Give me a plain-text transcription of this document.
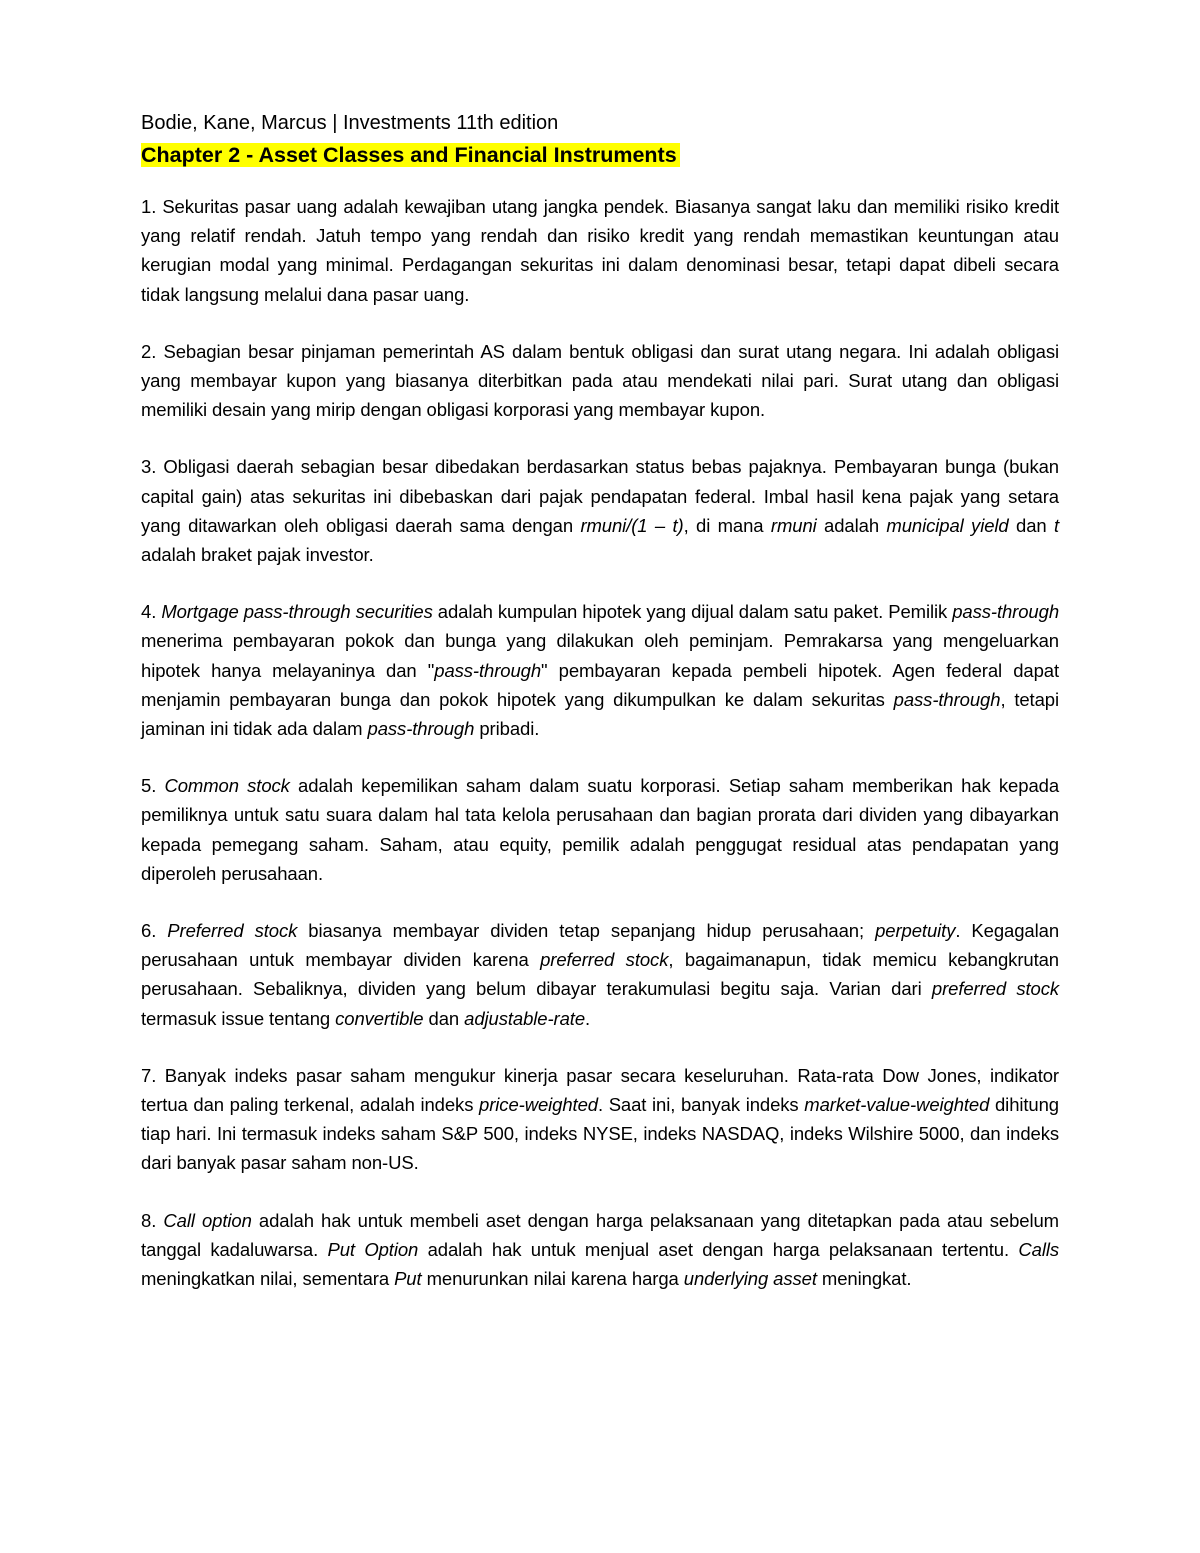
Bodie, Kane, Marcus | Investments 11th edition

Chapter 2 - Asset Classes and Financial Instruments

1. Sekuritas pasar uang adalah kewajiban utang jangka pendek. Biasanya sangat laku dan memiliki risiko kredit yang relatif rendah. Jatuh tempo yang rendah dan risiko kredit yang rendah memastikan keuntungan atau kerugian modal yang minimal. Perdagangan sekuritas ini dalam denominasi besar, tetapi dapat dibeli secara tidak langsung melalui dana pasar uang.

2. Sebagian besar pinjaman pemerintah AS dalam bentuk obligasi dan surat utang negara. Ini adalah obligasi yang membayar kupon yang biasanya diterbitkan pada atau mendekati nilai pari. Surat utang dan obligasi memiliki desain yang mirip dengan obligasi korporasi yang membayar kupon.

3. Obligasi daerah sebagian besar dibedakan berdasarkan status bebas pajaknya. Pembayaran bunga (bukan capital gain) atas sekuritas ini dibebaskan dari pajak pendapatan federal. Imbal hasil kena pajak yang setara yang ditawarkan oleh obligasi daerah sama dengan rmuni/(1 – t), di mana rmuni adalah municipal yield dan t adalah braket pajak investor.

4. Mortgage pass-through securities adalah kumpulan hipotek yang dijual dalam satu paket. Pemilik pass-through menerima pembayaran pokok dan bunga yang dilakukan oleh peminjam. Pemrakarsa yang mengeluarkan hipotek hanya melayaninya dan "pass-through" pembayaran kepada pembeli hipotek. Agen federal dapat menjamin pembayaran bunga dan pokok hipotek yang dikumpulkan ke dalam sekuritas pass-through, tetapi jaminan ini tidak ada dalam pass-through pribadi.

5. Common stock adalah kepemilikan saham dalam suatu korporasi. Setiap saham memberikan hak kepada pemiliknya untuk satu suara dalam hal tata kelola perusahaan dan bagian prorata dari dividen yang dibayarkan kepada pemegang saham. Saham, atau equity, pemilik adalah penggugat residual atas pendapatan yang diperoleh perusahaan.

6. Preferred stock biasanya membayar dividen tetap sepanjang hidup perusahaan; perpetuity. Kegagalan perusahaan untuk membayar dividen karena preferred stock, bagaimanapun, tidak memicu kebangkrutan perusahaan. Sebaliknya, dividen yang belum dibayar terakumulasi begitu saja. Varian dari preferred stock termasuk issue tentang convertible dan adjustable-rate.

7. Banyak indeks pasar saham mengukur kinerja pasar secara keseluruhan. Rata-rata Dow Jones, indikator tertua dan paling terkenal, adalah indeks price-weighted. Saat ini, banyak indeks market-value-weighted dihitung tiap hari. Ini termasuk indeks saham S&P 500, indeks NYSE, indeks NASDAQ, indeks Wilshire 5000, dan indeks dari banyak pasar saham non-US.

8. Call option adalah hak untuk membeli aset dengan harga pelaksanaan yang ditetapkan pada atau sebelum tanggal kadaluwarsa. Put Option adalah hak untuk menjual aset dengan harga pelaksanaan tertentu. Calls meningkatkan nilai, sementara Put menurunkan nilai karena harga underlying asset meningkat.
